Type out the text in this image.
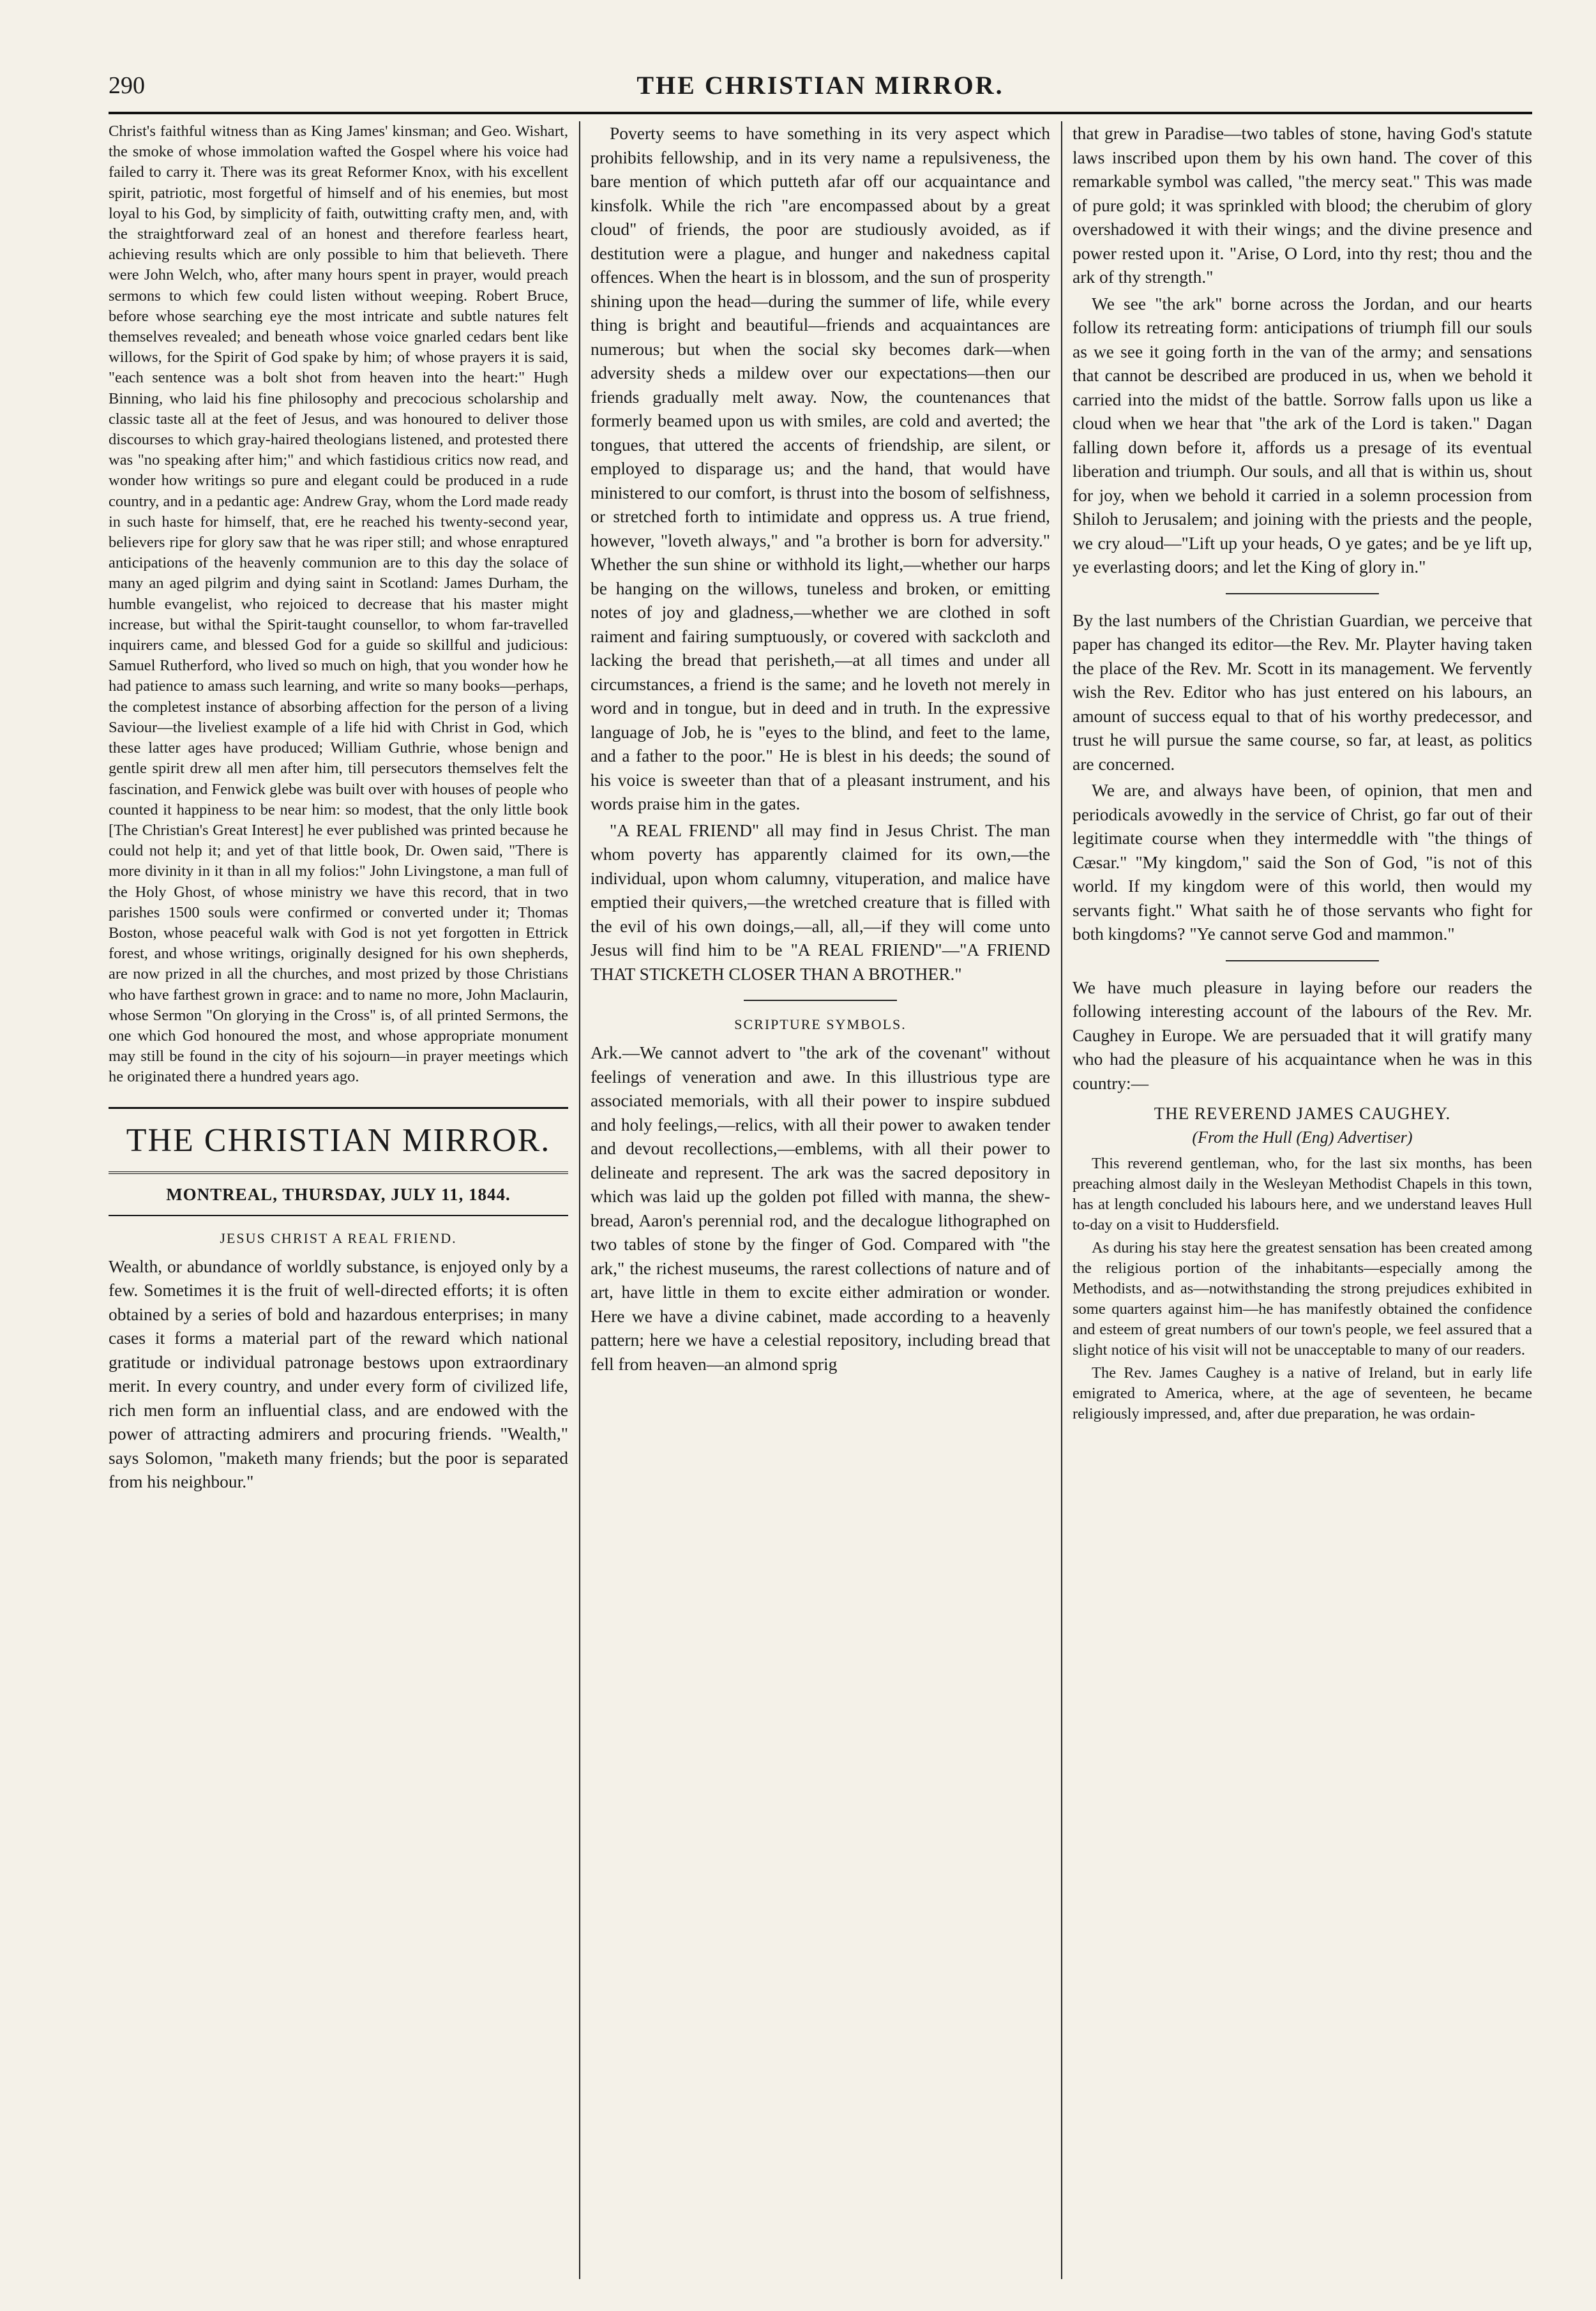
290	THE CHRISTIAN MIRROR.

Christ's faithful witness than as King James' kinsman; and Geo. Wishart, the smoke of whose immolation wafted the Gospel where his voice had failed to carry it. There was its great Reformer Knox, with his excellent spirit, patriotic, most forgetful of himself and of his enemies, but most loyal to his God, by simplicity of faith, outwitting crafty men, and, with the straightforward zeal of an honest and therefore fearless heart, achieving results which are only possible to him that believeth. There were John Welch, who, after many hours spent in prayer, would preach sermons to which few could listen without weeping. Robert Bruce, before whose searching eye the most intricate and subtle natures felt themselves revealed; and beneath whose voice gnarled cedars bent like willows, for the Spirit of God spake by him; of whose prayers it is said, "each sentence was a bolt shot from heaven into the heart:" Hugh Binning, who laid his fine philosophy and precocious scholarship and classic taste all at the feet of Jesus, and was honoured to deliver those discourses to which gray-haired theologians listened, and protested there was "no speaking after him;" and which fastidious critics now read, and wonder how writings so pure and elegant could be produced in a rude country, and in a pedantic age: Andrew Gray, whom the Lord made ready in such haste for himself, that, ere he reached his twenty-second year, believers ripe for glory saw that he was riper still; and whose enraptured anticipations of the heavenly communion are to this day the solace of many an aged pilgrim and dying saint in Scotland: James Durham, the humble evangelist, who rejoiced to decrease that his master might increase, but withal the Spirit-taught counsellor, to whom far-travelled inquirers came, and blessed God for a guide so skillful and judicious: Samuel Rutherford, who lived so much on high, that you wonder how he had patience to amass such learning, and write so many books—perhaps, the completest instance of absorbing affection for the person of a living Saviour—the liveliest example of a life hid with Christ in God, which these latter ages have produced; William Guthrie, whose benign and gentle spirit drew all men after him, till persecutors themselves felt the fascination, and Fenwick glebe was built over with houses of people who counted it happiness to be near him: so modest, that the only little book [The Christian's Great Interest] he ever published was printed because he could not help it; and yet of that little book, Dr. Owen said, "There is more divinity in it than in all my folios:" John Livingstone, a man full of the Holy Ghost, of whose ministry we have this record, that in two parishes 1500 souls were confirmed or converted under it; Thomas Boston, whose peaceful walk with God is not yet forgotten in Ettrick forest, and whose writings, originally designed for his own shepherds, are now prized in all the churches, and most prized by those Christians who have farthest grown in grace: and to name no more, John Maclaurin, whose Sermon "On glorying in the Cross" is, of all printed Sermons, the one which God honoured the most, and whose appropriate monument may still be found in the city of his sojourn—in prayer meetings which he originated there a hundred years ago.

THE CHRISTIAN MIRROR.
MONTREAL, THURSDAY, JULY 11, 1844.
JESUS CHRIST A REAL FRIEND.

Wealth, or abundance of worldly substance, is enjoyed only by a few. Sometimes it is the fruit of well-directed efforts; it is often obtained by a series of bold and hazardous enterprises; in many cases it forms a material part of the reward which national gratitude or individual patronage bestows upon extraordinary merit. In every country, and under every form of civilized life, rich men form an influential class, and are endowed with the power of attracting admirers and procuring friends. "Wealth," says Solomon, "maketh many friends; but the poor is separated from his neighbour."

Poverty seems to have something in its very aspect which prohibits fellowship, and in its very name a repulsiveness, the bare mention of which putteth afar off our acquaintance and kinsfolk. While the rich "are encompassed about by a great cloud" of friends, the poor are studiously avoided, as if destitution were a plague, and hunger and nakedness capital offences. When the heart is in blossom, and the sun of prosperity shining upon the head—during the summer of life, while every thing is bright and beautiful—friends and acquaintances are numerous; but when the social sky becomes dark—when adversity sheds a mildew over our expectations—then our friends gradually melt away. Now, the countenances that formerly beamed upon us with smiles, are cold and averted; the tongues, that uttered the accents of friendship, are silent, or employed to disparage us; and the hand, that would have ministered to our comfort, is thrust into the bosom of selfishness, or stretched forth to intimidate and oppress us. A true friend, however, "loveth always," and "a brother is born for adversity." Whether the sun shine or withhold its light,—whether our harps be hanging on the willows, tuneless and broken, or emitting notes of joy and gladness,—whether we are clothed in soft raiment and fairing sumptuously, or covered with sackcloth and lacking the bread that perisheth,—at all times and under all circumstances, a friend is the same; and he loveth not merely in word and in tongue, but in deed and in truth. In the expressive language of Job, he is "eyes to the blind, and feet to the lame, and a father to the poor." He is blest in his deeds; the sound of his voice is sweeter than that of a pleasant instrument, and his words praise him in the gates.

"A REAL FRIEND" all may find in Jesus Christ. The man whom poverty has apparently claimed for its own,—the individual, upon whom calumny, vituperation, and malice have emptied their quivers,—the wretched creature that is filled with the evil of his own doings,—all, all,—if they will come unto Jesus will find him to be "A REAL FRIEND"—"A FRIEND THAT STICKETH CLOSER THAN A BROTHER."

SCRIPTURE SYMBOLS.

Ark.—We cannot advert to "the ark of the covenant" without feelings of veneration and awe. In this illustrious type are associated memorials, with all their power to inspire subdued and holy feelings,—relics, with all their power to awaken tender and devout recollections,—emblems, with all their power to delineate and represent. The ark was the sacred depository in which was laid up the golden pot filled with manna, the shew-bread, Aaron's perennial rod, and the decalogue lithographed on two tables of stone by the finger of God. Compared with "the ark," the richest museums, the rarest collections of nature and of art, have little in them to excite either admiration or wonder. Here we have a divine cabinet, made according to a heavenly pattern; here we have a celestial repository, including bread that fell from heaven—an almond sprig

that grew in Paradise—two tables of stone, having God's statute laws inscribed upon them by his own hand. The cover of this remarkable symbol was called, "the mercy seat." This was made of pure gold; it was sprinkled with blood; the cherubim of glory overshadowed it with their wings; and the divine presence and power rested upon it. "Arise, O Lord, into thy rest; thou and the ark of thy strength."

We see "the ark" borne across the Jordan, and our hearts follow its retreating form: anticipations of triumph fill our souls as we see it going forth in the van of the army; and sensations that cannot be described are produced in us, when we behold it carried into the midst of the battle. Sorrow falls upon us like a cloud when we hear that "the ark of the Lord is taken." Dagan falling down before it, affords us a presage of its eventual liberation and triumph. Our souls, and all that is within us, shout for joy, when we behold it carried in a solemn procession from Shiloh to Jerusalem; and joining with the priests and the people, we cry aloud—"Lift up your heads, O ye gates; and be ye lift up, ye everlasting doors; and let the King of glory in."

By the last numbers of the Christian Guardian, we perceive that paper has changed its editor—the Rev. Mr. Playter having taken the place of the Rev. Mr. Scott in its management. We fervently wish the Rev. Editor who has just entered on his labours, an amount of success equal to that of his worthy predecessor, and trust he will pursue the same course, so far, at least, as politics are concerned.

We are, and always have been, of opinion, that men and periodicals avowedly in the service of Christ, go far out of their legitimate course when they intermeddle with "the things of Cæsar." "My kingdom," said the Son of God, "is not of this world. If my kingdom were of this world, then would my servants fight." What saith he of those servants who fight for both kingdoms? "Ye cannot serve God and mammon."

We have much pleasure in laying before our readers the following interesting account of the labours of the Rev. Mr. Caughey in Europe. We are persuaded that it will gratify many who had the pleasure of his acquaintance when he was in this country:—

THE REVEREND JAMES CAUGHEY.
(From the Hull (Eng) Advertiser)

This reverend gentleman, who, for the last six months, has been preaching almost daily in the Wesleyan Methodist Chapels in this town, has at length concluded his labours here, and we understand leaves Hull to-day on a visit to Huddersfield.

As during his stay here the greatest sensation has been created among the religious portion of the inhabitants—especially among the Methodists, and as—notwithstanding the strong prejudices exhibited in some quarters against him—he has manifestly obtained the confidence and esteem of great numbers of our town's people, we feel assured that a slight notice of his visit will not be unacceptable to many of our readers.

The Rev. James Caughey is a native of Ireland, but in early life emigrated to America, where, at the age of seventeen, he became religiously impressed, and, after due preparation, he was ordain-
